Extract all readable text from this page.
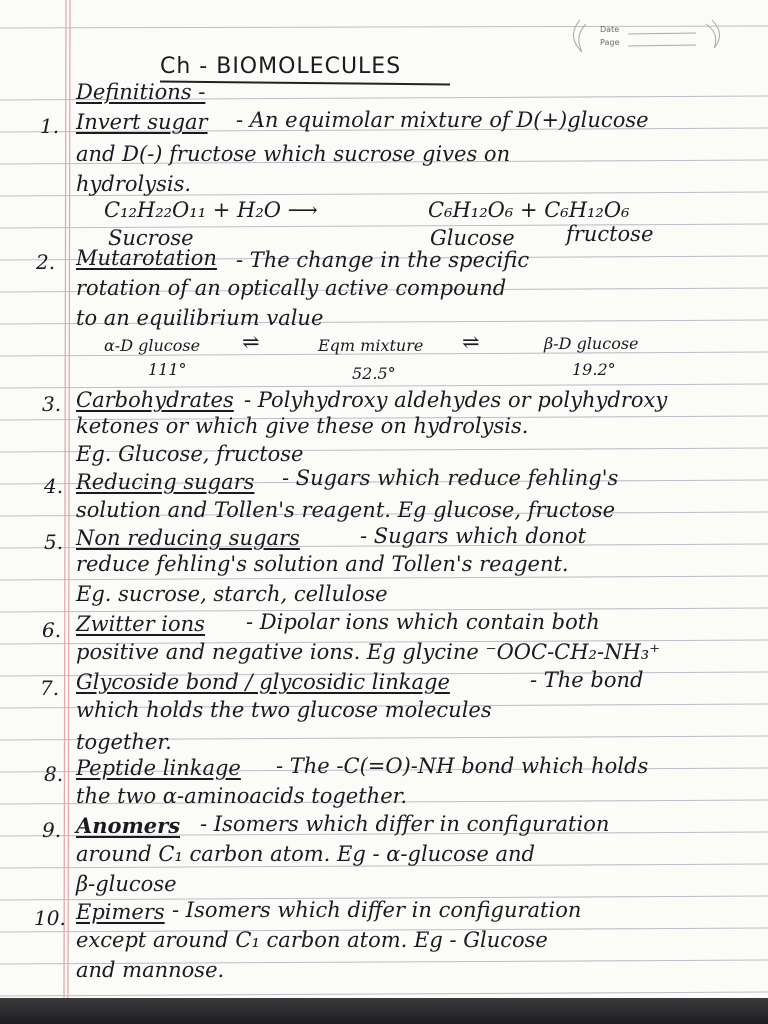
Date
Page
Ch - BIOMOLECULES
Definitions -
1. Invert sugar - An equimolar mixture of D(+)glucose
and D(-) fructose which sucrose gives on
hydrolysis.
C₁₂H₂₂O₁₁ + H₂O ⟶	C₆H₁₂O₆ + C₆H₁₂O₆
Sucrose	Glucose fructose
2. Mutarotation - The change in the specific
rotation of an optically active compound
to an equilibrium value
α-D glucose ⇌	Eqm mixture ⇌	β-D glucose
111°	52.5°	19.2°
3. Carbohydrates - Polyhydroxy aldehydes or polyhydroxy
ketones or which give these on hydrolysis.
Eg. Glucose, fructose
4. Reducing sugars - Sugars which reduce fehling's
solution and Tollen's reagent. Eg glucose, fructose
5. Non reducing sugars	- Sugars which donot
reduce fehling's solution and Tollen's reagent.
Eg. sucrose, starch, cellulose
6. Zwitter ions - Dipolar ions which contain both
positive and negative ions. Eg glycine ⁻OOC-CH₂-NH₃⁺
7. Glycoside bond / glycosidic linkage	- The bond
which holds the two glucose molecules
together.
8. Peptide linkage - The -C(=O)-NH bond which holds
the two α-aminoacids together.
9. Anomers - Isomers which differ in configuration
around C₁ carbon atom. Eg - α-glucose and
β-glucose
10. Epimers - Isomers which differ in configuration
except around C₁ carbon atom. Eg - Glucose
and mannose.
